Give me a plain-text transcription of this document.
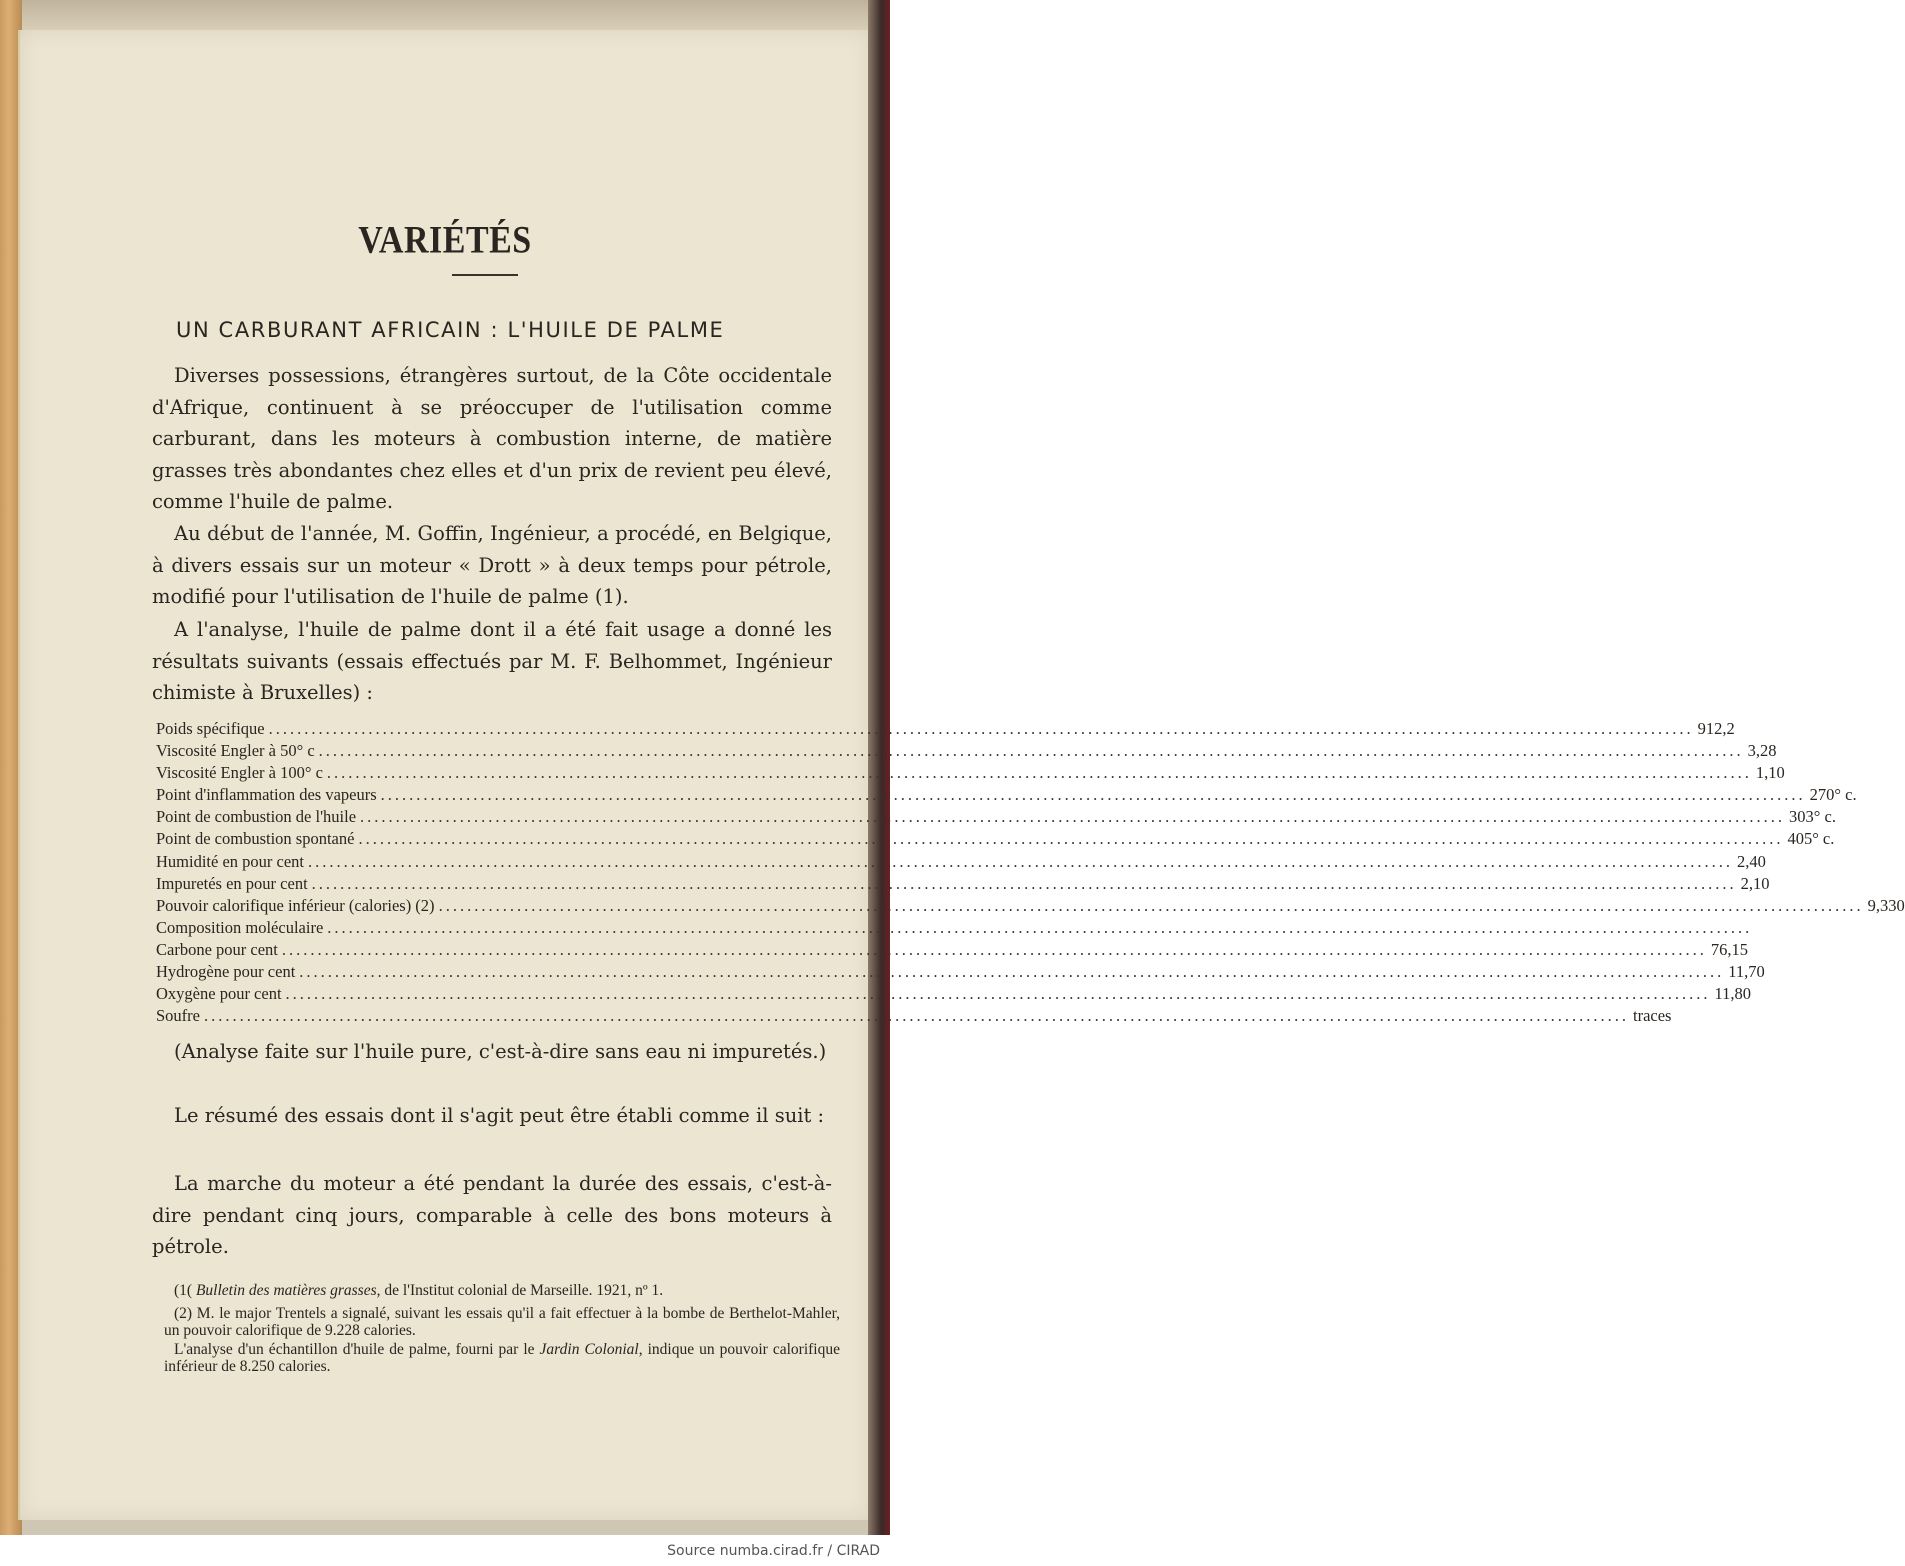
VARIÉTÉS
UN CARBURANT AFRICAIN : L'HUILE DE PALME

Diverses possessions, étrangères surtout, de la Côte occidentale d'Afrique, continuent à se préoccuper de l'utilisation comme carburant, dans les moteurs à combustion interne, de matière grasses très abondantes chez elles et d'un prix de revient peu élevé, comme l'huile de palme.

Au début de l'année, M. Goffin, Ingénieur, a procédé, en Belgique, à divers essais sur un moteur « Drott » à deux temps pour pétrole, modifié pour l'utilisation de l'huile de palme (1).

A l'analyse, l'huile de palme dont il a été fait usage a donné les résultats suivants (essais effectués par M. F. Belhommet, Ingénieur chimiste à Bruxelles) :

Poids spécifique ........................................................................................................................................................................................................ 912,2
Viscosité Engler à 50° c ........................................................................................................................................................................................................ 3,28
Viscosité Engler à 100° c ........................................................................................................................................................................................................ 1,10
Point d'inflammation des vapeurs ........................................................................................................................................................................................................ 270° c.
Point de combustion de l'huile ........................................................................................................................................................................................................ 303° c.
Point de combustion spontané ........................................................................................................................................................................................................ 405° c.
Humidité en pour cent ........................................................................................................................................................................................................ 2,40
Impuretés en pour cent ........................................................................................................................................................................................................ 2,10
Pouvoir calorifique inférieur (calories) (2) ........................................................................................................................................................................................................ 9,330
Composition moléculaire ........................................................................................................................................................................................................
Carbone pour cent ........................................................................................................................................................................................................ 76,15
Hydrogène pour cent ........................................................................................................................................................................................................ 11,70
Oxygène pour cent ........................................................................................................................................................................................................ 11,80
Soufre ........................................................................................................................................................................................................ traces

(Analyse faite sur l'huile pure, c'est-à-dire sans eau ni impuretés.)

Le résumé des essais dont il s'agit peut être établi comme il suit :

La marche du moteur a été pendant la durée des essais, c'est-à-dire pendant cinq jours, comparable à celle des bons moteurs à pétrole.

(1( Bulletin des matières grasses, de l'Institut colonial de Marseille. 1921, nº 1.

(2) M. le major Trentels a signalé, suivant les essais qu'il a fait effectuer à la bombe de Berthelot-Mahler, un pouvoir calorifique de 9.228 calories.

L'analyse d'un échantillon d'huile de palme, fourni par le Jardin Colonial, indique un pouvoir calorifique inférieur de 8.250 calories.

Source numba.cirad.fr / CIRAD
